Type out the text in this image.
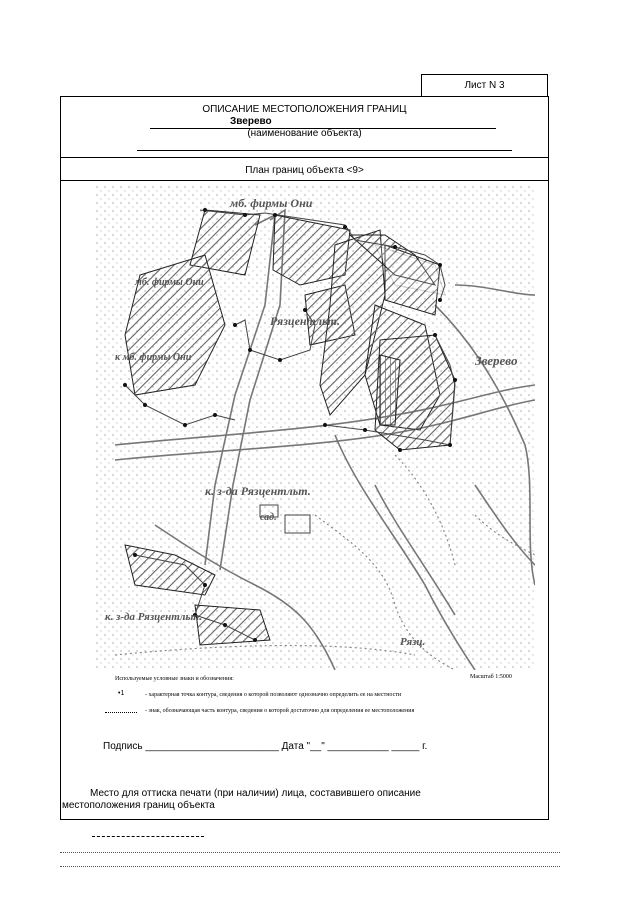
Лист N 3
ОПИСАНИЕ МЕСТОПОЛОЖЕНИЯ ГРАНИЦ
Зверево
(наименование объекта)
План границ объекта <9>
мб. фирмы Они
к мб. фирмы Они
мб. фирмы Они
Рязцентльт.
Зверево
к. з-да Рязцентльт.
к. з-да Рязцентльт.
сад.
Рязц.
Масштаб 1:5000
Используемые условные знаки и обозначения:
•1	- характерная точка контура, сведения о которой позволяют однозначно определить ее на местности
- знак, обозначающая часть контура, сведения о которой достаточно для определения ее местоположения
Подпись ________________________ Дата "__" ___________ _____ г.
Место для оттиска печати (при наличии) лица, составившего описание
местоположения границ объекта
